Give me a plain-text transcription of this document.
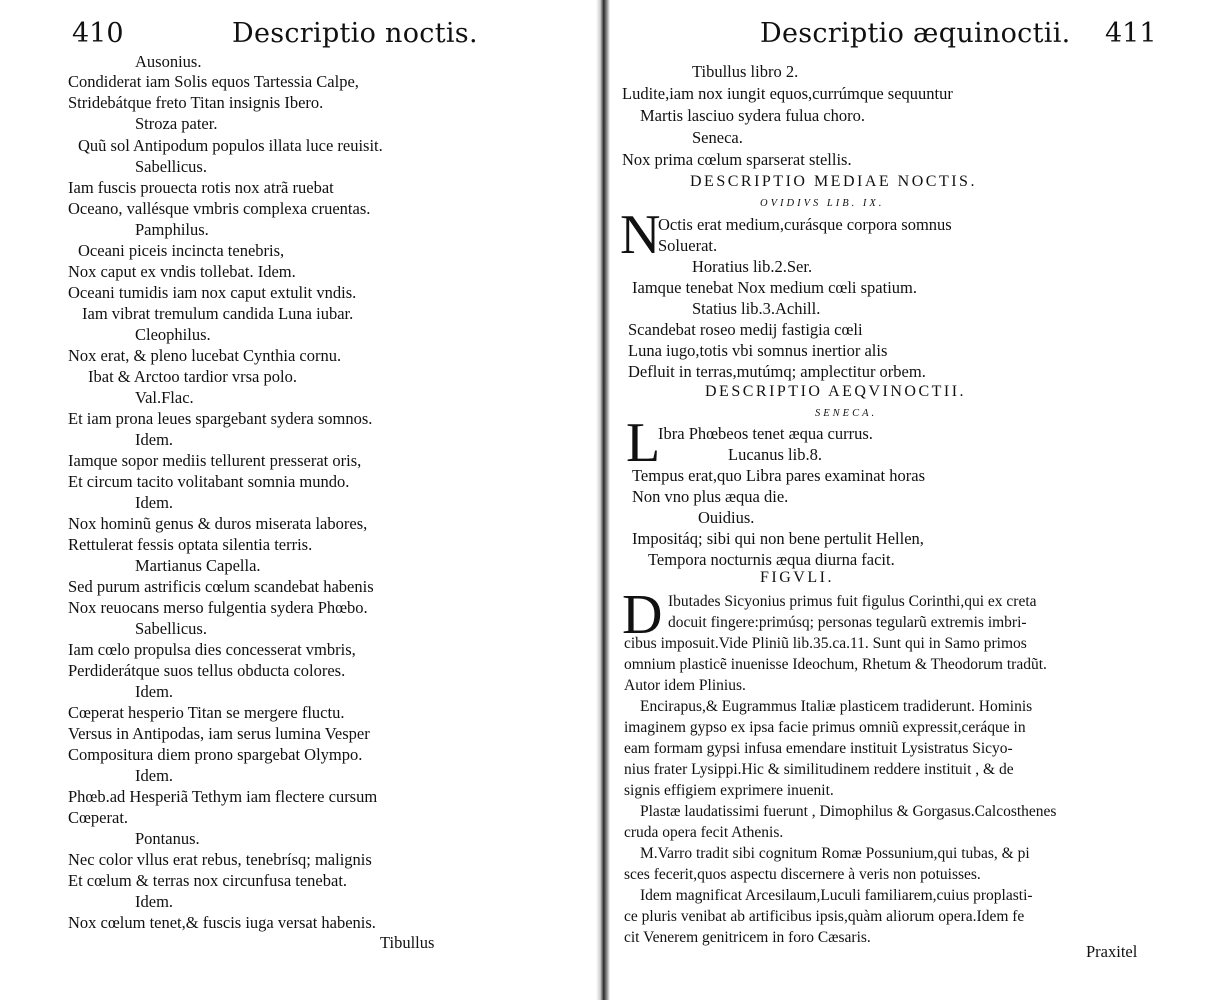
410	Descriptio noctis.
Ausonius.
Condiderat iam Solis equos Tartessia Calpe,
Stridebátque freto Titan insignis Ibero.
Stroza pater.
Quũ sol Antipodum populos illata luce reuisit.
Sabellicus.
Iam fuscis prouecta rotis nox atrã ruebat
Oceano, vallésque vmbris complexa cruentas.
Pamphilus.
Oceani piceis incincta tenebris,
Nox caput ex vndis tollebat. Idem.
Oceani tumidis iam nox caput extulit vndis.
Iam vibrat tremulum candida Luna iubar.
Cleophilus.
Nox erat, & pleno lucebat Cynthia cornu.
Ibat & Arctoo tardior vrsa polo.
Val.Flac.
Et iam prona leues spargebant sydera somnos.
Idem.
Iamque sopor mediis tellurent presserat oris,
Et circum tacito volitabant somnia mundo.
Idem.
Nox hominũ genus & duros miserata labores,
Rettulerat fessis optata silentia terris.
Martianus Capella.
Sed purum astrificis cœlum scandebat habenis
Nox reuocans merso fulgentia sydera Phœbo.
Sabellicus.
Iam cœlo propulsa dies concesserat vmbris,
Perdiderátque suos tellus obducta colores.
Idem.
Cœperat hesperio Titan se mergere fluctu.
Versus in Antipodas, iam serus lumina Vesper
Compositura diem prono spargebat Olympo.
Idem.
Phœb.ad Hesperiã Tethym iam flectere cursum
Cœperat.
Pontanus.
Nec color vllus erat rebus, tenebrísq; malignis
Et cœlum & terras nox circunfusa tenebat.
Idem.
Nox cœlum tenet,& fuscis iuga versat habenis.
Tibullus
Descriptio æquinoctii. 411
Tibullus libro 2.
Ludite,iam nox iungit equos,currúmque sequuntur
Martis lasciuo sydera fulua choro.
Seneca.
Nox prima cœlum sparserat stellis.
DESCRIPTIO MEDIAE NOCTIS.
OVIDIVS LIB. IX.
N
Octis erat medium,curásque corpora somnus
Soluerat.
Horatius lib.2.Ser.
Iamque tenebat Nox medium cœli spatium.
Statius lib.3.Achill.
Scandebat roseo medij fastigia cœli
Luna iugo,totis vbi somnus inertior alis
Defluit in terras,mutúmq; amplectitur orbem.
DESCRIPTIO AEQVINOCTII.
SENECA.
L
Ibra Phœbeos tenet æqua currus.
Lucanus lib.8.
Tempus erat,quo Libra pares examinat horas
Non vno plus æqua die.
Ouidius.
Impositáq; sibi qui non bene pertulit Hellen,
Tempora nocturnis æqua diurna facit.
FIGVLI.
D Ibutades Sicyonius primus fuit figulus Corinthi,qui ex creta
docuit fingere:primúsq; personas tegularũ extremis imbri-
cibus imposuit.Vide Pliniũ lib.35.ca.11. Sunt qui in Samo primos
omnium plasticẽ inuenisse Ideochum, Rhetum & Theodorum tradũt.
Autor idem Plinius.
Encirapus,& Eugrammus Italiæ plasticem tradiderunt. Hominis
imaginem gypso ex ipsa facie primus omniũ expressit,ceráque in
eam formam gypsi infusa emendare instituit Lysistratus Sicyo-
nius frater Lysippi.Hic & similitudinem reddere instituit , & de
signis effigiem exprimere inuenit.
Plastæ laudatissimi fuerunt , Dimophilus & Gorgasus.Calcosthenes
cruda opera fecit Athenis.
M.Varro tradit sibi cognitum Romæ Possunium,qui tubas, & pi
sces fecerit,quos aspectu discernere à veris non potuisses.
Idem magnificat Arcesilaum,Luculi familiarem,cuius proplasti-
ce pluris venibat ab artificibus ipsis,quàm aliorum opera.Idem fe
cit Venerem genitricem in foro Cæsaris.
Praxitel
